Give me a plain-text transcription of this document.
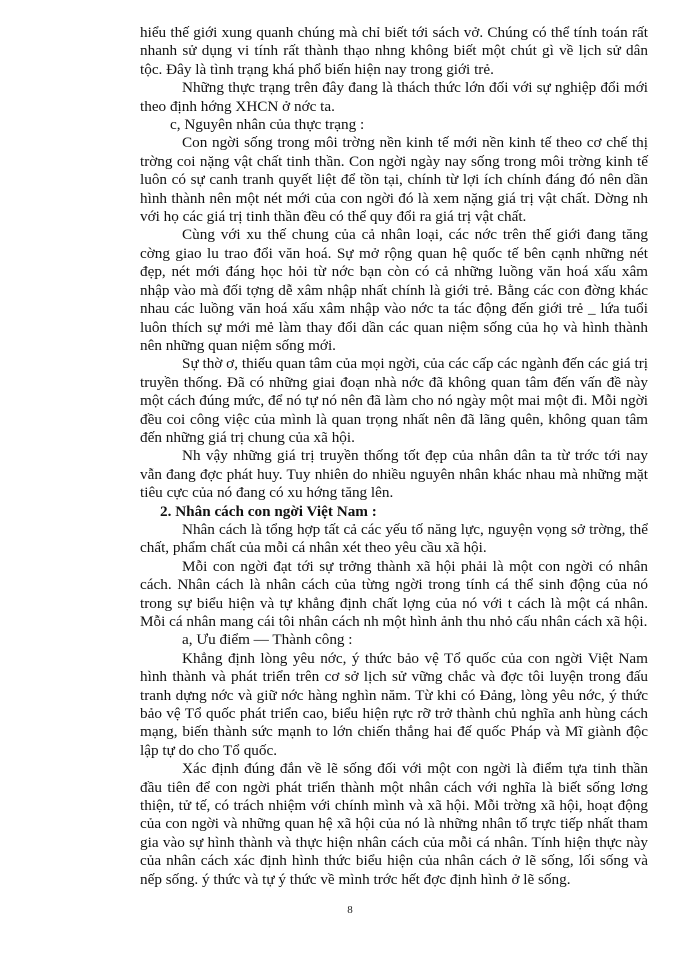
hiểu thế giới xung quanh chúng mà chỉ biết tới sách vở. Chúng có thể tính toán rất nhanh sử dụng vi tính rất thành thạo nhng không biết một chút gì về lịch sử dân tộc. Đây là tình trạng khá phổ biến hiện nay trong giới trẻ.

Những thực trạng trên đây đang là thách thức lớn đối với sự nghiệp đổi mới theo định hớng XHCN ở nớc ta.

c, Nguyên nhân của thực trạng :

Con ngời sống trong môi trờng nền kinh tế mới nền kinh tế theo cơ chế thị trờng coi nặng vật chất tinh thần. Con ngời ngày nay sống trong môi trờng kinh tế luôn có sự canh tranh quyết liệt để tồn tại, chính từ lợi ích chính đáng đó nên dần hình thành nên một nét mới của con ngời đó là xem nặng giá trị vật chất. Dờng nh với họ các giá trị tinh thần đều có thể quy đổi ra giá trị vật chất.

Cùng với xu thế chung của cả nhân loại, các nớc trên thế giới đang tăng cờng giao lu trao đổi văn hoá. Sự mở rộng quan hệ quốc tế bên cạnh những nét đẹp, nét mới đáng học hỏi từ nớc bạn còn có cả những luồng văn hoá xấu xâm nhập vào mà đối tợng dễ xâm nhập nhất chính là giới trẻ. Bằng các con đờng khác nhau các luồng văn hoá xấu xâm nhập vào nớc ta tác động đến giới trẻ _ lứa tuổi luôn thích sự mới mẻ làm thay đổi dần các quan niệm sống của họ và hình thành nên những quan niệm sống mới.

Sự thờ ơ, thiếu quan tâm của mọi ngời, của các cấp các ngành đến các giá trị truyền thống. Đã có những giai đoạn nhà nớc đã không quan tâm đến vấn đề này một cách đúng mức, để nó tự nó nên đã làm cho nó ngày một mai một đi. Mỗi ngời đều coi công việc của mình là quan trọng nhất nên đã lãng quên, không quan tâm đến những giá trị chung của xã hội.

Nh vậy những giá trị truyền thống tốt đẹp của nhân dân ta từ trớc tới nay vẫn đang đợc phát huy. Tuy nhiên do nhiều nguyên nhân khác nhau mà những mặt tiêu cực của nó đang có xu hớng tăng lên.

2. Nhân cách con ngời Việt Nam :

Nhân cách là tổng hợp tất cả các yếu tố năng lực, nguyện vọng sở trờng, thể chất, phẩm chất của mỗi cá nhân xét theo yêu cầu xã hội.

Mỗi con ngời đạt tới sự trởng thành xã hội phải là một con ngời có nhân cách. Nhân cách là nhân cách của từng ngời trong tính cá thể sinh động của nó trong sự biểu hiện và tự khẳng định chất lợng của nó với t cách là một cá nhân. Mỗi cá nhân mang cái tôi nhân cách nh một hình ảnh thu nhỏ cấu nhân cách xã hội.

a, Ưu điểm — Thành công :

Khẳng định lòng yêu nớc, ý thức bảo vệ Tổ quốc của con ngời Việt Nam hình thành và phát triển trên cơ sở lịch sử vững chắc và đợc tôi luyện trong đấu tranh dựng nớc và giữ nớc hàng nghìn năm. Từ khi có Đảng, lòng yêu nớc, ý thức bảo vệ Tổ quốc phát triển cao, biểu hiện rực rỡ trở thành chủ nghĩa anh hùng cách mạng, biến thành sức mạnh to lớn chiến thắng hai đế quốc Pháp và Mĩ giành độc lập tự do cho Tổ quốc.

Xác định đúng đắn về lẽ sống đối với một con ngời là điểm tựa tinh thần đầu tiên để con ngời phát triển thành một nhân cách với nghĩa là biết sống lơng thiện, tử tế, có trách nhiệm với chính mình và xã hội. Mỗi trờng xã hội, hoạt động của con ngời và những quan hệ xã hội của nó là những nhân tố trực tiếp nhất tham gia vào sự hình thành và thực hiện nhân cách của mỗi cá nhân. Tính hiện thực này của nhân cách xác định hình thức biểu hiện của nhân cách ở lẽ sống, lối sống và nếp sống. ý thức và tự ý thức về mình trớc hết đợc định hình ở lẽ sống.

8
